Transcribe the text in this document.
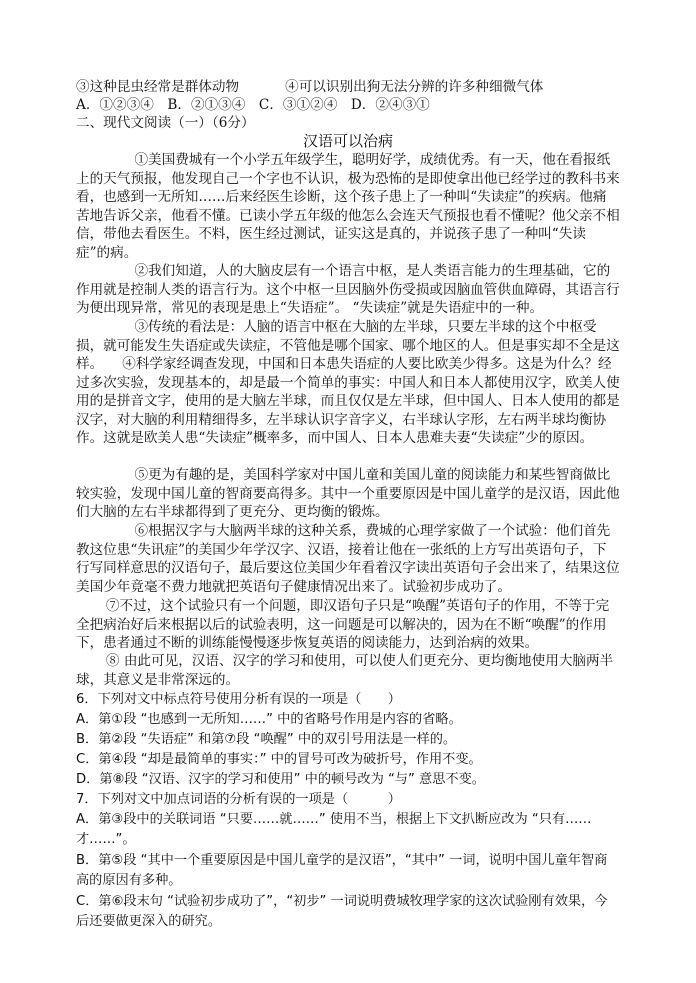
③这种昆虫经常是群体动物	④可以识别出狗无法分辨的许多种细微气体
A．①②③④　B．②①③④　C．③①②④　D．②④③①
二、现代文阅读（一）（6分）
汉语可以治病
①美国费城有一个小学五年级学生，聪明好学，成绩优秀。有一天，他在看报纸上的天气预报，他发现自己一个字也不认识，极为恐怖的是即使拿出他已经学过的教科书来看，也感到一无所知……后来经医生诊断，这个孩子患上了一种叫“失读症”的疾病。他痛苦地告诉父亲，他看不懂。已读小学五年级的他怎么会连天气预报也看不懂呢？他父亲不相信，带他去看医生。不料，医生经过测试，证实这是真的，并说孩子患了一种叫“失读症”的病。
②我们知道，人的大脑皮层有一个语言中枢，是人类语言能力的生理基础，它的作用就是控制人类的语言行为。这个中枢一旦因脑外伤受损或因脑血管供血障碍，其语言行为便出现异常，常见的表现是患上“失语症”。 “失读症”就是失语症中的一种。
③传统的看法是：人脑的语言中枢在大脑的左半球，只要左半球的这个中枢受损，就可能发生失语症或失读症，不管他是哪个国家、哪个地区的人。但是事实却不全是这样。	④科学家经调查发现，中国和日本患失语症的人要比欧美少得多。这是为什么？经过多次实验，发现基本的，却是最一个简单的事实：中国人和日本人都使用汉字，欧美人使用的是拼音文字，使用的是大脑左半球，而且仅仅是左半球，但中国人、日本人使用的都是汉字，对大脑的利用精细得多，左半球认识字音字义，右半球认字形，左右两半球均衡协作。这就是欧美人患“失读症”概率多，而中国人、日本人患难夫妻“失读症”少的原因。
⑤更为有趣的是，美国科学家对中国儿童和美国儿童的阅读能力和某些智商做比较实验，发现中国儿童的智商要高得多。其中一个重要原因是中国儿童学的是汉语，因此他们大脑的左右半球都得到了更充分、更均衡的锻炼。
⑥根据汉字与大脑两半球的这种关系，费城的心理学家做了一个试验：他们首先教这位患“失讯症”的美国少年学汉字、汉语，接着让他在一张纸的上方写出英语句子，下行写同样意思的汉语句子，最后要这位美国少年看着汉字读出英语句子会出来了，结果这位美国少年竟毫不费力地就把英语句子健康情况出来了。试验初步成功了。
⑦不过，这个试验只有一个问题，即汉语句子只是“唤醒”英语句子的作用，不等于完全把病治好后来根据以后的试验表明，这一问题是可以解决的，因为在不断“唤醒”的作用下，患者通过不断的训练能慢慢逐步恢复英语的阅读能力，达到治病的效果。
⑧ 由此可见，汉语、汉字的学习和使用，可以使人们更充分、更均衡地使用大脑两半球，其意义是非常深远的。
6．下列对文中标点符号使用分析有误的一项是（　　）
A．第①段 “也感到一无所知……” 中的省略号作用是内容的省略。
B．第②段 “失语症” 和第⑦段 “唤醒” 中的双引号用法是一样的。
C．第④段 “却是最简单的事实：” 中的冒号可改为破折号，作用不变。
D．第⑧段 “汉语、汉字的学习和使用” 中的顿号改为 “与” 意思不变。
7．下列对文中加点词语的分析有误的一项是（　　　）
A．第③段中的关联词语 “只要……就……” 使用不当，根据上下文扒断应改为 “只有……才……”。
B．第⑤段 “其中一个重要原因是中国儿童学的是汉语”，“其中” 一词，说明中国儿童年智商高的原因有多种。
C．第⑥段末句 “试验初步成功了”，“初步” 一词说明费城牧理学家的这次试验刚有效果，今后还要做更深入的研究。
